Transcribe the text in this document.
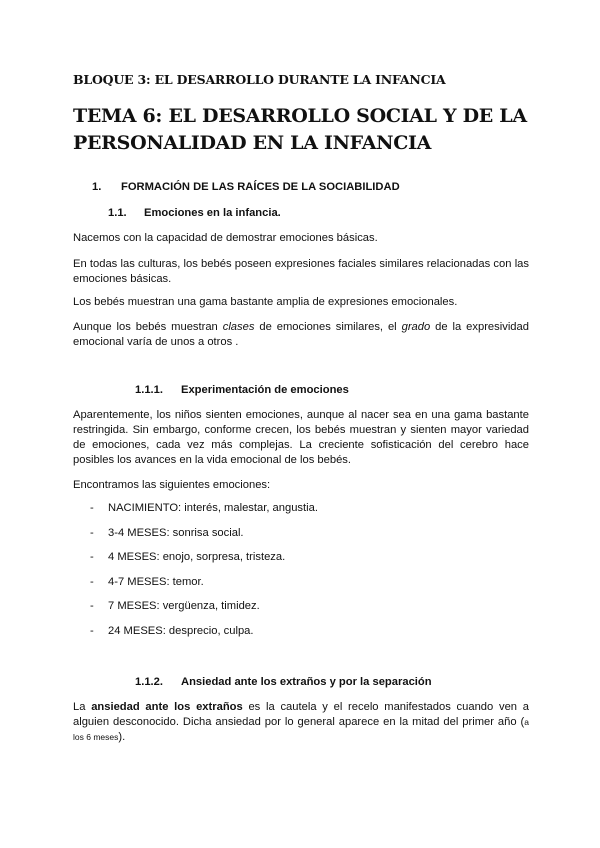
BLOQUE 3: EL DESARROLLO DURANTE LA INFANCIA
TEMA 6: EL DESARROLLO SOCIAL Y DE LA PERSONALIDAD EN LA INFANCIA
1. FORMACIÓN DE LAS RAÍCES DE LA SOCIABILIDAD
1.1. Emociones en la infancia.
Nacemos con la capacidad de demostrar emociones básicas.
En todas las culturas, los bebés poseen expresiones faciales similares relacionadas con las emociones básicas.
Los bebés muestran una gama bastante amplia de expresiones emocionales.
Aunque los bebés muestran clases de emociones similares, el grado de la expresividad emocional varía de unos a otros .
1.1.1. Experimentación de emociones
Aparentemente, los niños sienten emociones, aunque al nacer sea en una gama bastante restringida. Sin embargo, conforme crecen, los bebés muestran y sienten mayor variedad de emociones, cada vez más complejas. La creciente sofisticación del cerebro hace posibles los avances en la vida emocional de los bebés.
Encontramos las siguientes emociones:
- NACIMIENTO: interés, malestar, angustia.
- 3-4 MESES: sonrisa social.
- 4 MESES: enojo, sorpresa, tristeza.
- 4-7 MESES: temor.
- 7 MESES: vergüenza, timidez.
- 24 MESES: desprecio, culpa.
1.1.2. Ansiedad ante los extraños y por la separación
La ansiedad ante los extraños es la cautela y el recelo manifestados cuando ven a alguien desconocido. Dicha ansiedad por lo general aparece en la mitad del primer año (a los 6 meses).
